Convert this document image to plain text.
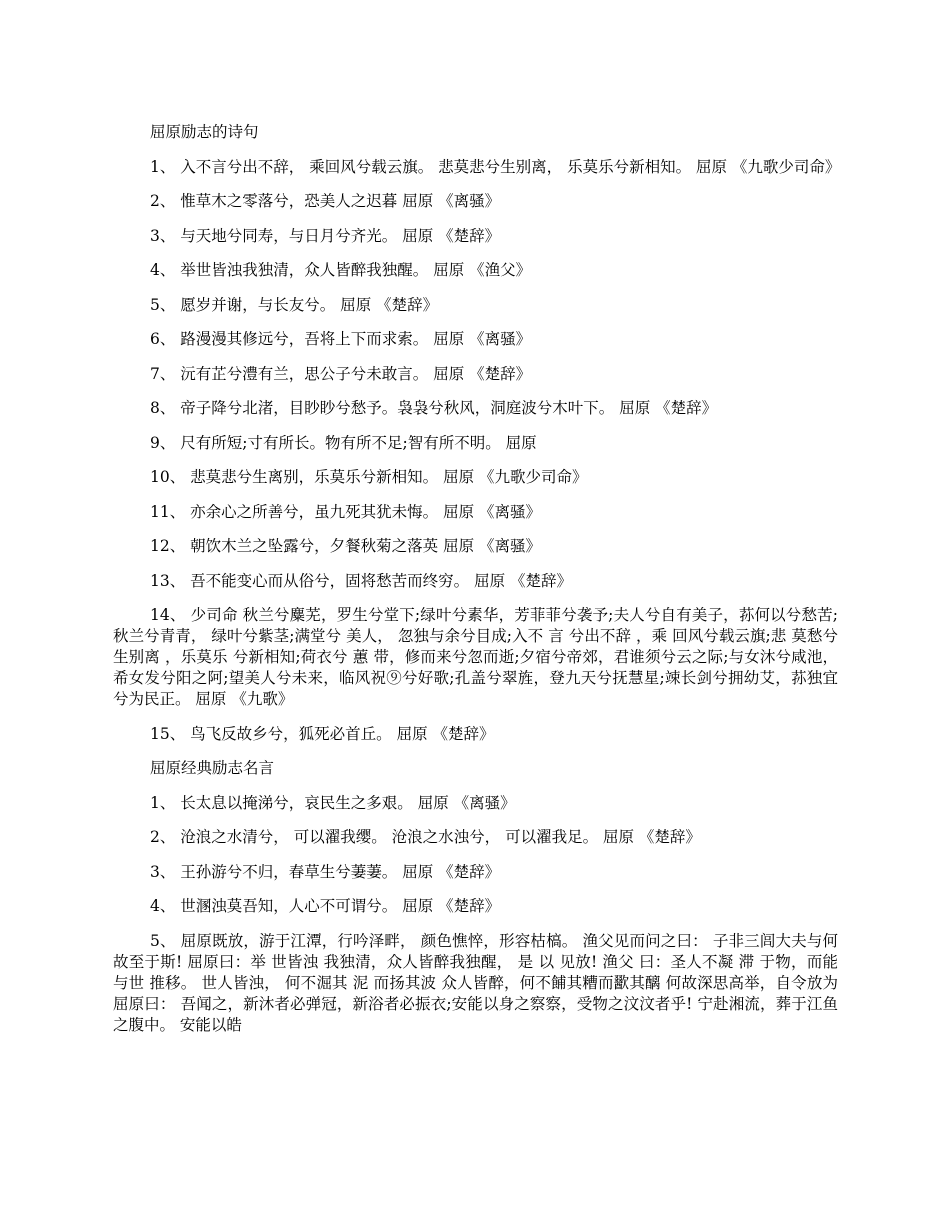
屈原励志的诗句

1、 入不言兮出不辞， 乘回风兮载云旗。 悲莫悲兮生别离， 乐莫乐兮新相知。 屈原 《九歌少司命》

2、 惟草木之零落兮，恐美人之迟暮 屈原 《离骚》

3、 与天地兮同寿，与日月兮齐光。 屈原 《楚辞》

4、 举世皆浊我独清，众人皆醉我独醒。 屈原 《渔父》

5、 愿岁并谢，与长友兮。 屈原 《楚辞》

6、 路漫漫其修远兮，吾将上下而求索。 屈原 《离骚》

7、 沅有芷兮澧有兰，思公子兮未敢言。 屈原 《楚辞》

8、 帝子降兮北渚，目眇眇兮愁予。袅袅兮秋风，洞庭波兮木叶下。 屈原 《楚辞》

9、 尺有所短;寸有所长。物有所不足;智有所不明。 屈原

10、 悲莫悲兮生离别，乐莫乐兮新相知。 屈原 《九歌少司命》

11、 亦余心之所善兮，虽九死其犹未悔。 屈原 《离骚》

12、 朝饮木兰之坠露兮，夕餐秋菊之落英 屈原 《离骚》

13、 吾不能变心而从俗兮，固将愁苦而终穷。 屈原 《楚辞》

14、 少司命 秋兰兮麋芜，罗生兮堂下;绿叶兮素华，芳菲菲兮袭予;夫人兮自有美子，荪何以兮愁苦;秋兰兮青青， 绿叶兮紫茎;满堂兮 美人， 忽独与余兮目成;入不 言 兮出不辞 ，乘 回风兮载云旗;悲 莫愁兮生别离 ，乐莫乐 兮新相知;荷衣兮 蕙 带，修而来兮忽而逝;夕宿兮帝郊，君谁须兮云之际;与女沐兮咸池，希女发兮阳之阿;望美人兮未来，临风祝⑨兮好歌;孔盖兮翠旌，登九天兮抚慧星;竦长剑兮拥幼艾，荪独宜兮为民正。 屈原 《九歌》

15、 鸟飞反故乡兮，狐死必首丘。 屈原 《楚辞》

屈原经典励志名言

1、 长太息以掩涕兮，哀民生之多艰。 屈原 《离骚》

2、 沧浪之水清兮， 可以濯我缨。 沧浪之水浊兮， 可以濯我足。 屈原 《楚辞》

3、 王孙游兮不归，春草生兮萋萋。 屈原 《楚辞》

4、 世溷浊莫吾知，人心不可谓兮。 屈原 《楚辞》

5、 屈原既放，游于江潭，行吟泽畔， 颜色憔悴，形容枯槁。 渔父见而问之曰： 子非三闾大夫与何故至于斯! 屈原曰：举 世皆浊 我独清，众人皆醉我独醒， 是 以 见放! 渔父 曰：圣人不凝 滞 于物，而能与世 推移。 世人皆浊， 何不淈其 泥 而扬其波 众人皆醉，何不餔其糟而歠其醨 何故深思高举，自令放为 屈原曰： 吾闻之，新沐者必弹冠，新浴者必振衣;安能以身之察察，受物之汶汶者乎! 宁赴湘流，葬于江鱼之腹中。 安能以皓
